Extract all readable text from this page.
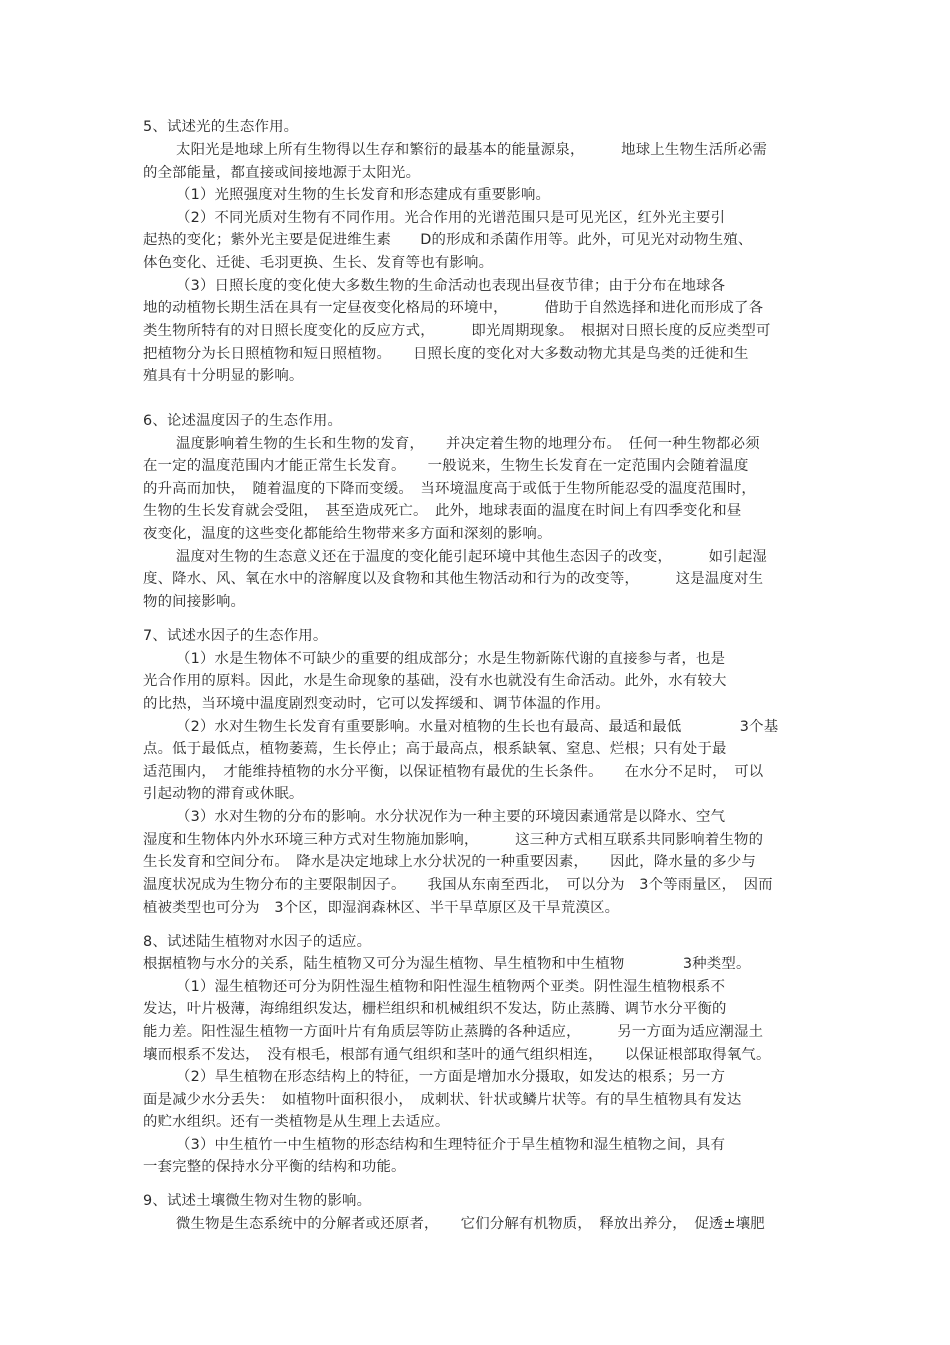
5、试述光的生态作用。
太阳光是地球上所有生物得以生存和繁衍的最基本的能量源泉，　　　地球上生物生活所必需
的全部能量，都直接或间接地源于太阳光。
（1）光照强度对生物的生长发育和形态建成有重要影响。
（2）不同光质对生物有不同作用。光合作用的光谱范围只是可见光区，红外光主要引
起热的变化；紫外光主要是促进维生素　　D的形成和杀菌作用等。此外，可见光对动物生殖、
体色变化、迁徙、毛羽更换、生长、发育等也有影响。
（3）日照长度的变化使大多数生物的生命活动也表现出昼夜节律；由于分布在地球各
地的动植物长期生活在具有一定昼夜变化格局的环境中，　　　借助于自然选择和进化而形成了各
类生物所特有的对日照长度变化的反应方式，　　　即光周期现象。　根据对日照长度的反应类型可
把植物分为长日照植物和短日照植物。　　日照长度的变化对大多数动物尤其是鸟类的迁徙和生
殖具有十分明显的影响。
6、论述温度因子的生态作用。
温度影响着生物的生长和生物的发育，　　并决定着生物的地理分布。　任何一种生物都必须
在一定的温度范围内才能正常生长发育。　　一般说来，生物生长发育在一定范围内会随着温度
的升高而加快，　随着温度的下降而变缓。　当环境温度高于或低于生物所能忍受的温度范围时，
生物的生长发育就会受阻，　甚至造成死亡。　此外，地球表面的温度在时间上有四季变化和昼
夜变化，温度的这些变化都能给生物带来多方面和深刻的影响。
温度对生物的生态意义还在于温度的变化能引起环境中其他生态因子的改变，　　　如引起湿
度、降水、风、氧在水中的溶解度以及食物和其他生物活动和行为的改变等，　　　这是温度对生
物的间接影响。
7、试述水因子的生态作用。
（1）水是生物体不可缺少的重要的组成部分；水是生物新陈代谢的直接参与者，也是
光合作用的原料。因此，水是生命现象的基础，没有水也就没有生命活动。此外，水有较大
的比热，当环境中温度剧烈变动时，它可以发挥缓和、调节体温的作用。
（2）水对生物生长发育有重要影响。水量对植物的生长也有最高、最适和最低　　　　3个基
点。低于最低点，植物萎蔫，生长停止；高于最高点，根系缺氧、窒息、烂根；只有处于最
适范围内，　才能维持植物的水分平衡，以保证植物有最优的生长条件。　　在水分不足时，　可以
引起动物的滞育或休眠。
（3）水对生物的分布的影响。水分状况作为一种主要的环境因素通常是以降水、空气
湿度和生物体内外水环境三种方式对生物施加影响，　　　这三种方式相互联系共同影响着生物的
生长发育和空间分布。　降水是决定地球上水分状况的一种重要因素，　　因此，降水量的多少与
温度状况成为生物分布的主要限制因子。　　我国从东南至西北，　可以分为　3个等雨量区，　因而
植被类型也可分为　3个区，即湿润森林区、半干旱草原区及干旱荒漠区。
8、试述陆生植物对水因子的适应。
根据植物与水分的关系，陆生植物又可分为湿生植物、旱生植物和中生植物　　　　3种类型。
（1）湿生植物还可分为阴性湿生植物和阳性湿生植物两个亚类。阴性湿生植物根系不
发达，叶片极薄，海绵组织发达，栅栏组织和机械组织不发达，防止蒸腾、调节水分平衡的
能力差。阳性湿生植物一方面叶片有角质层等防止蒸腾的各种适应，　　　另一方面为适应潮湿土
壤而根系不发达，　没有根毛，根部有通气组织和茎叶的通气组织相连，　　以保证根部取得氧气。
（2）旱生植物在形态结构上的特征，一方面是增加水分摄取，如发达的根系；另一方
面是减少水分丢失：　如植物叶面积很小，　成刺状、针状或鳞片状等。有的旱生植物具有发达
的贮水组织。还有一类植物是从生理上去适应。
（3）中生植竹一中生植物的形态结构和生理特征介于旱生植物和湿生植物之间，具有
一套完整的保持水分平衡的结构和功能。
9、试述土壤微生物对生物的影响。
微生物是生态系统中的分解者或还原者，　　它们分解有机物质，　释放出养分，　促透±壤肥
